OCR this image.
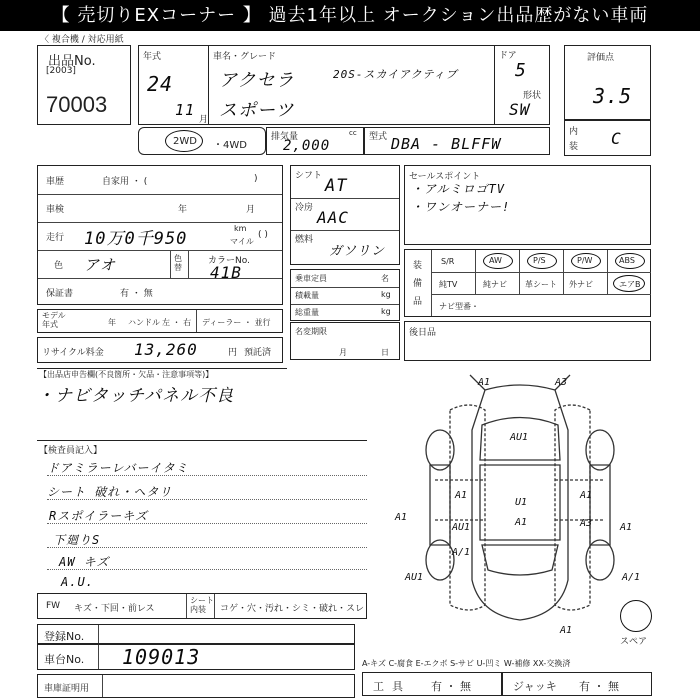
【 売切りEXコーナー 】 過去1年以上 オークション出品歴がない車両
〈 複合機 / 対応用紙
出品No.
[2003]
70003
年式
24
11
月
車名・グレード
アクセラ	20S-スカイアクティブ
スポーツ
ドア
5
形状
SW
評価点
3.5
内
装 C
2WD ・4WD
排気量	cc
2,000
型式 DBA - BLFFW
車歴	自家用 ・ (	)
車検	年	月
走行 10万0千950
km
マイル
( )
色 アオ	色替
カラーNo.
41B
保証書	有 ・ 無
モデル年式	年 ハンドル 左 ・ 右 ディーラー ・ 並行
シフト AT
冷房 AAC
燃料
ガソリン
乗車定員	名
積載量	kg
総重量	kg
名変期限
月	日
リサイクル料金 13,260	円 預託済
セールスポイント
・アルミロゴTV
・ワンオーナー!
装
備
品
S/R	AW	P/S	P/W	ABS
純TV	純ナビ 革シート 外ナビ	エアB
ナビ型番・
後日品
【出品店申告欄(不良箇所・欠品・注意事項等)】
・ナビタッチパネル不良
【検査員記入】
ドアミラーレバーイタミ
シート 破れ・ヘタリ
Rスポイラーキズ
下廻りS
AW キズ
A.U.
FW キズ・下回・前レス
シート内装	コゲ・穴・汚れ・シミ・破れ・スレ
登録No.
車台No. 109013
車庫証明用
A-キズ C-腐食 E-エクボ S-サビ U-凹ミ W-補修 XX-交換済
工具 有 ・ 無	ジャッキ 有 ・ 無
スペア
A1	A3
AU1
A1	A1
U1
A1	A1	A3
AU1	A1
A/1
AU1	A/1
A1
